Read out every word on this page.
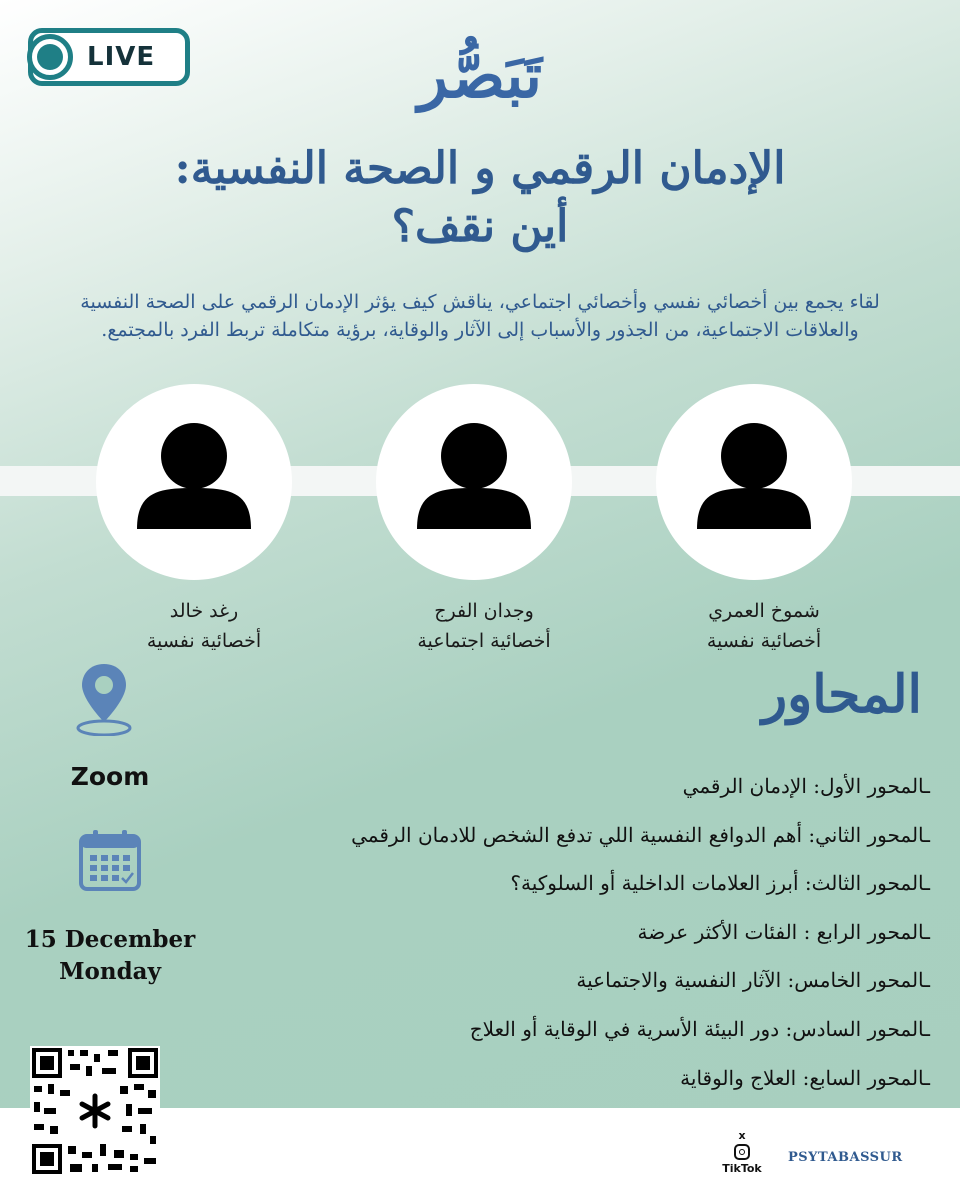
LIVE	تَبَصُّر
الإدمان الرقمي و الصحة النفسية:
أين نقف؟
لقاء يجمع بين أخصائي نفسي وأخصائي اجتماعي، يناقش كيف يؤثر الإدمان الرقمي على الصحة النفسية
والعلاقات الاجتماعية، من الجذور والأسباب إلى الآثار والوقاية، برؤية متكاملة تربط الفرد بالمجتمع.
شموخ العمري
أخصائية نفسية
وجدان الفرج
أخصائية اجتماعية
رغد خالد
أخصائية نفسية
Zoom
15 December
Monday
المحاور
ـالمحور الأول: الإدمان الرقمي
ـالمحور الثاني: أهم الدوافع النفسية اللي تدفع الشخص للادمان الرقمي
ـالمحور الثالث: أبرز العلامات الداخلية أو السلوكية؟
ـالمحور الرابع : الفئات الأكثر عرضة
ـالمحور الخامس: الآثار النفسية والاجتماعية
ـالمحور السادس: دور البيئة الأسرية في الوقاية أو العلاج
ـالمحور السابع: العلاج والوقاية
x
TikTok
PSYTABASSUR
